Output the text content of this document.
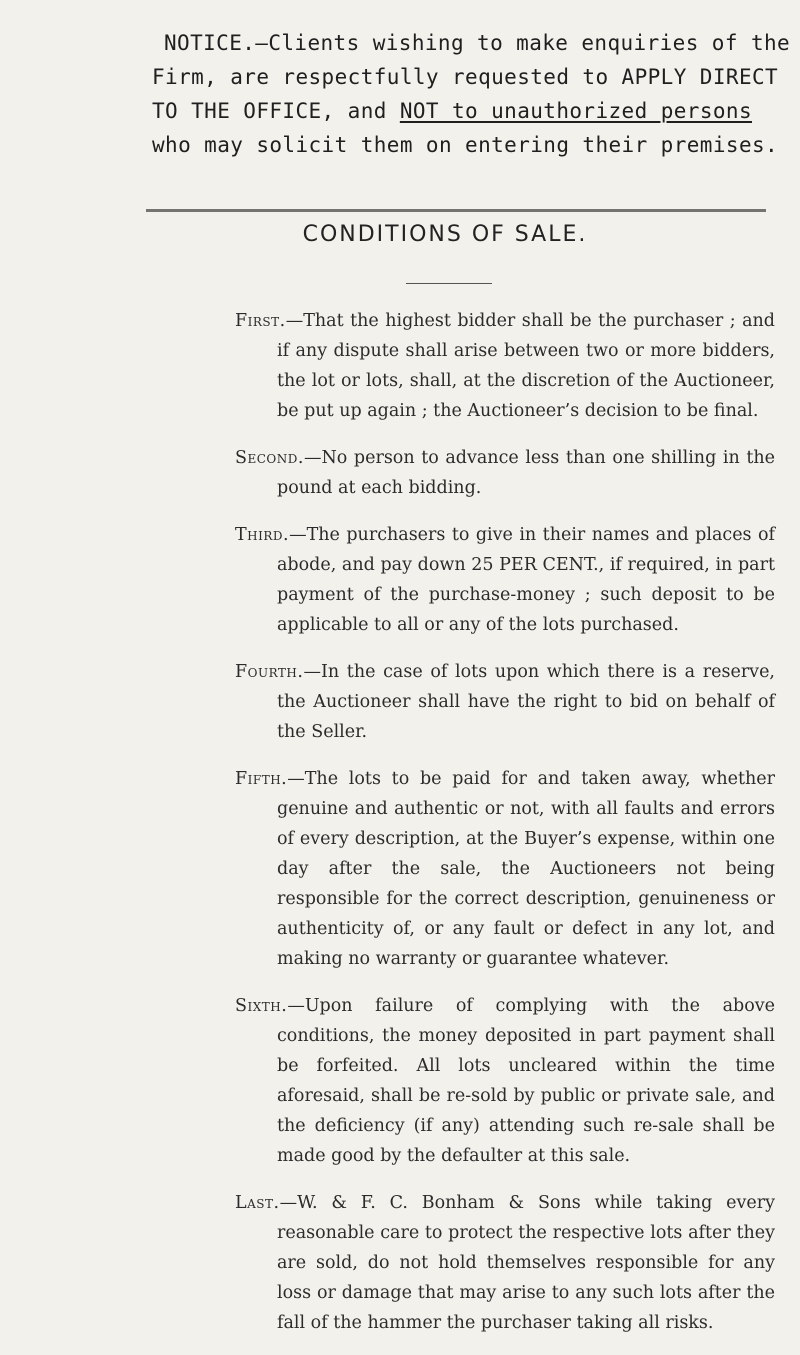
NOTICE.—Clients wishing to make enquiries of the
Firm, are respectfully requested to APPLY DIRECT
TO THE OFFICE, and NOT to unauthorized persons
who may solicit them on entering their premises.
CONDITIONS OF SALE.

First.—That the highest bidder shall be the purchaser ; and if any dispute shall arise between two or more bidders, the lot or lots, shall, at the discretion of the Auctioneer, be put up again ; the Auctioneer’s decision to be final.

Second.—No person to advance less than one shilling in the pound at each bidding.

Third.—The purchasers to give in their names and places of abode, and pay down 25 PER CENT., if required, in part payment of the purchase-money ; such deposit to be applicable to all or any of the lots purchased.

Fourth.—In the case of lots upon which there is a reserve, the Auctioneer shall have the right to bid on behalf of the Seller.

Fifth.—The lots to be paid for and taken away, whether genuine and authentic or not, with all faults and errors of every description, at the Buyer’s expense, within one day after the sale, the Auctioneers not being responsible for the correct description, genuineness or authenticity of, or any fault or defect in any lot, and making no warranty or guarantee whatever.

Sixth.—Upon failure of complying with the above conditions, the money deposited in part payment shall be forfeited. All lots uncleared within the time aforesaid, shall be re-sold by public or private sale, and the deficiency (if any) attending such re-sale shall be made good by the defaulter at this sale.

Last.—W. & F. C. Bonham & Sons while taking every reasonable care to protect the respective lots after they are sold, do not hold themselves responsible for any loss or damage that may arise to any such lots after the fall of the hammer the purchaser taking all risks.
